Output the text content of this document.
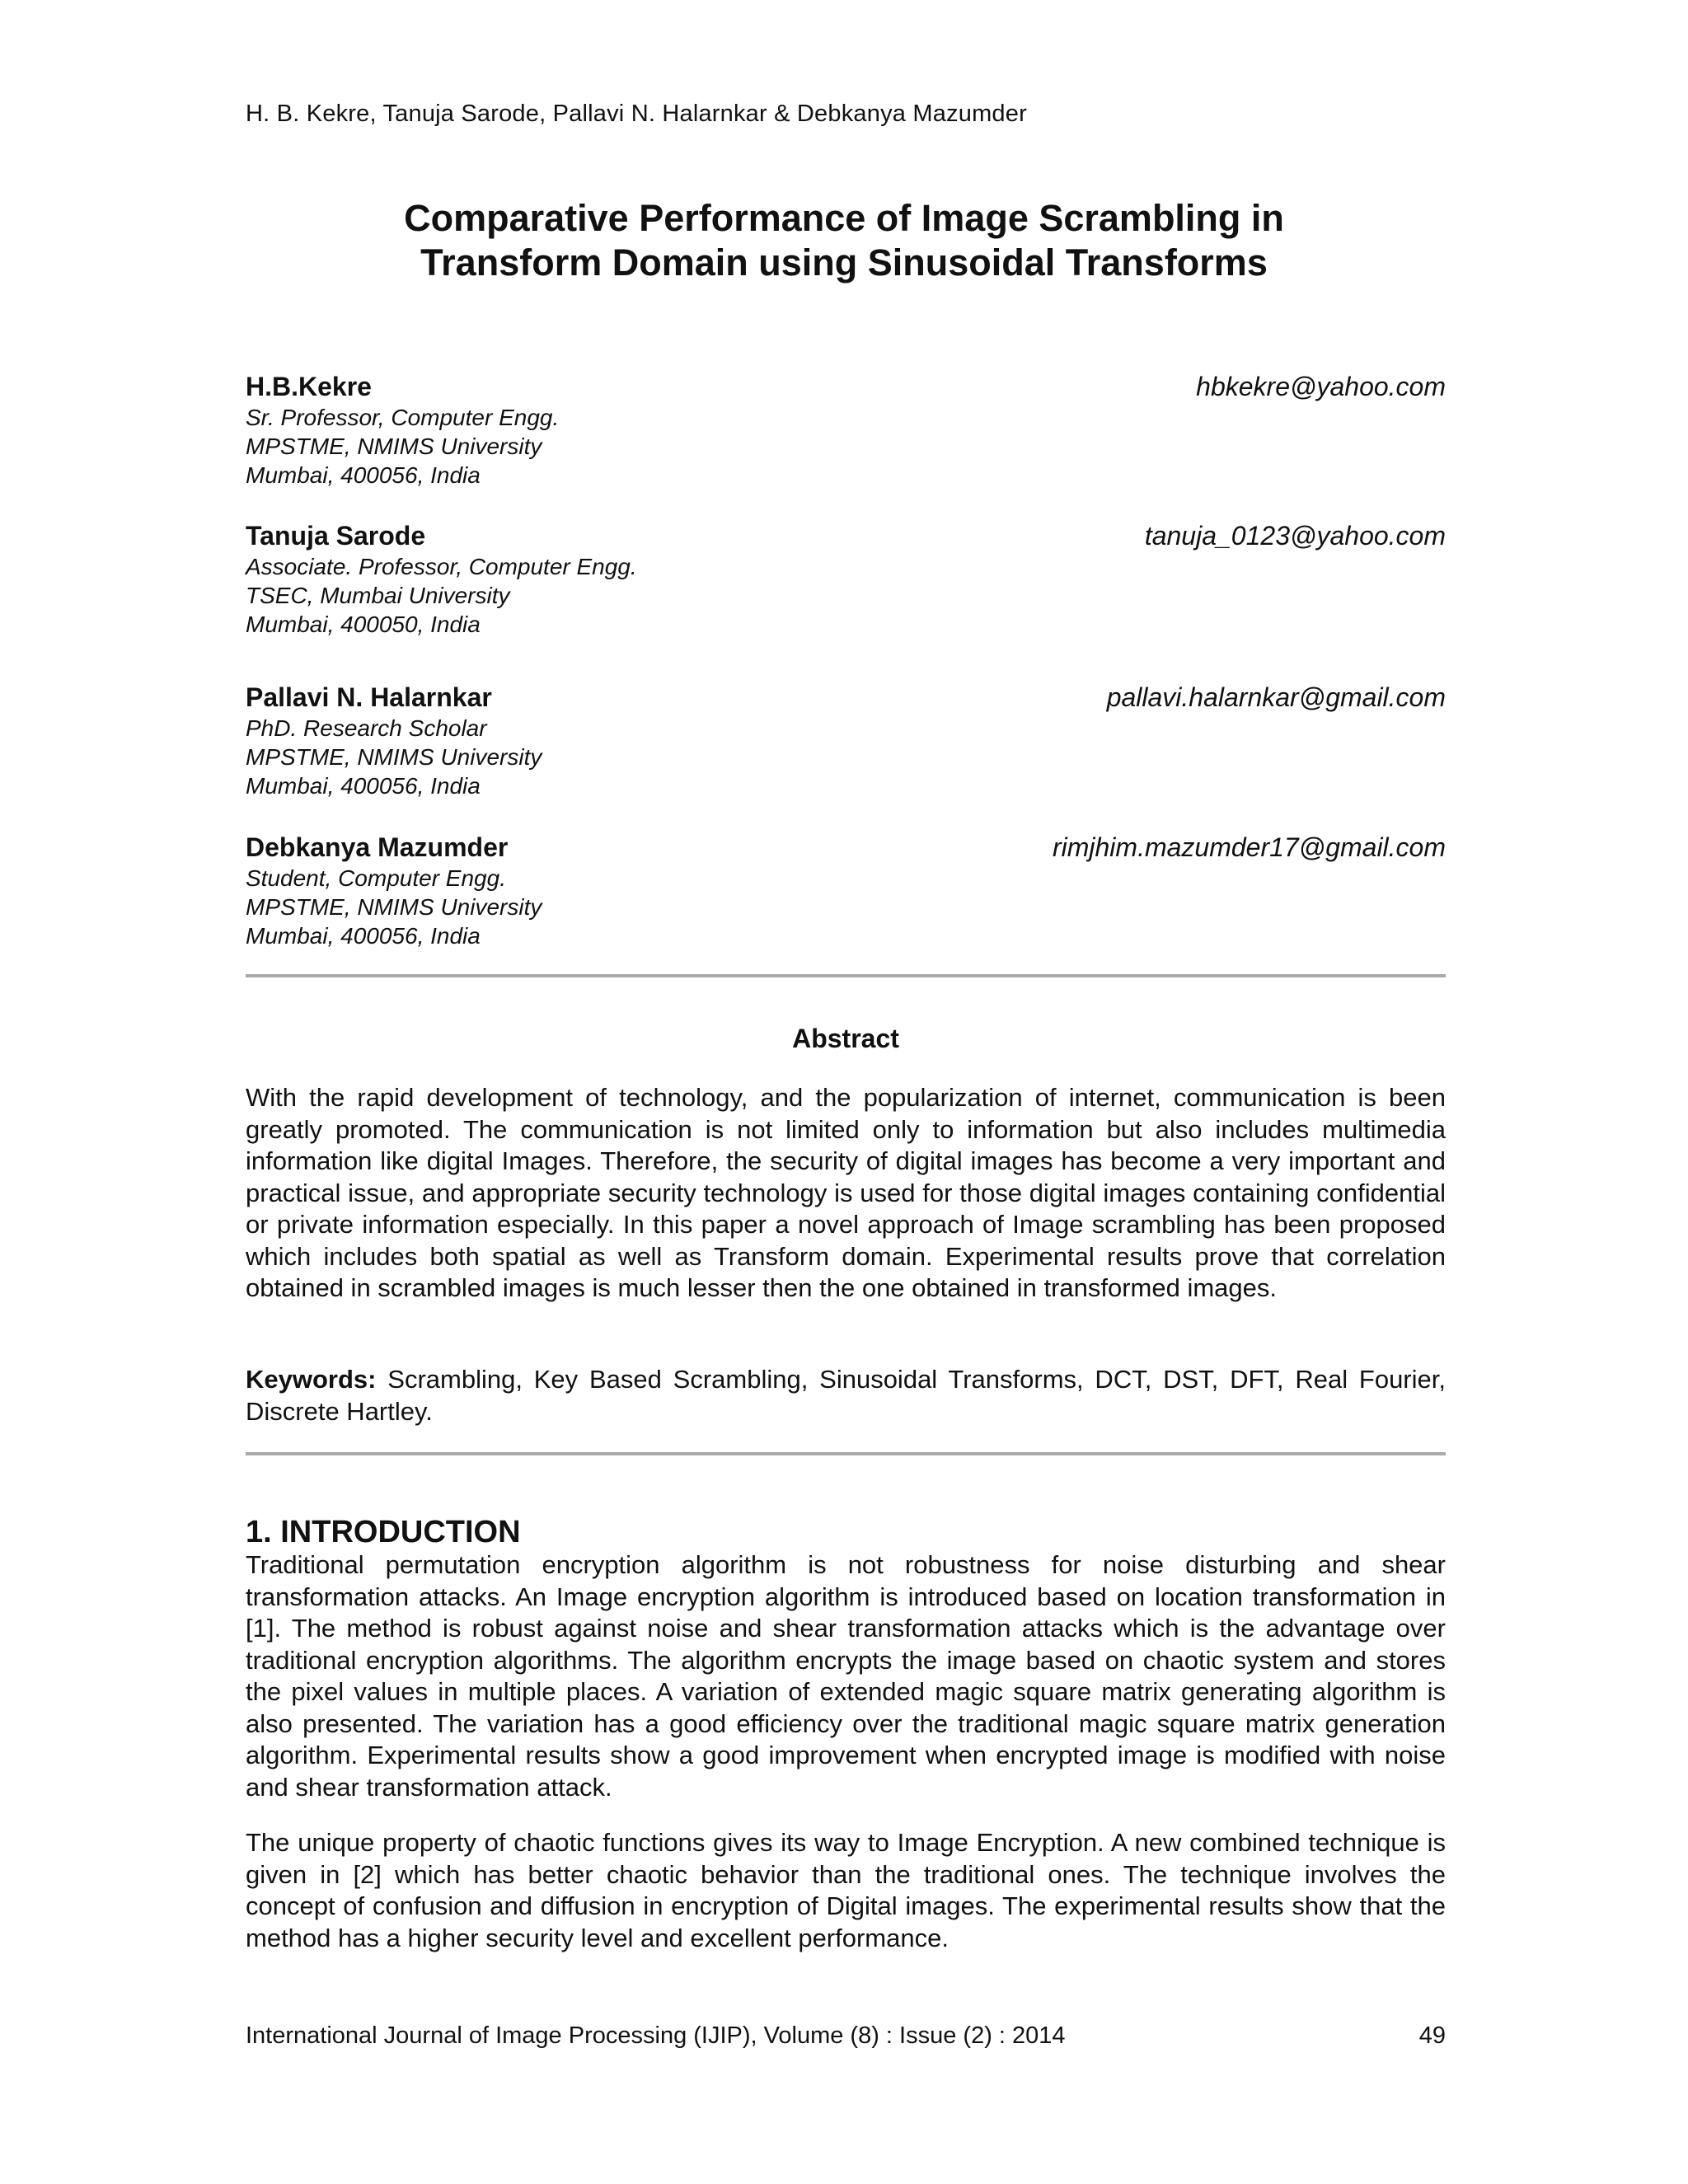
H. B. Kekre, Tanuja Sarode, Pallavi N. Halarnkar & Debkanya Mazumder
Comparative Performance of Image Scrambling in
Transform Domain using Sinusoidal Transforms
H.B.Kekre
Sr. Professor, Computer Engg.
MPSTME, NMIMS University
Mumbai, 400056, India
hbkekre@yahoo.com
Tanuja Sarode
Associate. Professor, Computer Engg.
TSEC, Mumbai University
Mumbai, 400050, India
tanuja_0123@yahoo.com
Pallavi N. Halarnkar
PhD. Research Scholar
MPSTME, NMIMS University
Mumbai, 400056, India
pallavi.halarnkar@gmail.com
Debkanya Mazumder
Student, Computer Engg.
MPSTME, NMIMS University
Mumbai, 400056, India
rimjhim.mazumder17@gmail.com
Abstract
With the rapid development of technology, and the popularization of internet, communication is been greatly promoted. The communication is not limited only to information but also includes multimedia information like digital Images. Therefore, the security of digital images has become a very important and practical issue, and appropriate security technology is used for those digital images containing confidential or private information especially. In this paper a novel approach of Image scrambling has been proposed which includes both spatial as well as Transform domain. Experimental results prove that correlation obtained in scrambled images is much lesser then the one obtained in transformed images.
Keywords: Scrambling, Key Based Scrambling, Sinusoidal Transforms, DCT, DST, DFT, Real Fourier, Discrete Hartley.
1. INTRODUCTION
Traditional permutation encryption algorithm is not robustness for noise disturbing and shear transformation attacks. An Image encryption algorithm is introduced based on location transformation in [1]. The method is robust against noise and shear transformation attacks which is the advantage over traditional encryption algorithms. The algorithm encrypts the image based on chaotic system and stores the pixel values in multiple places. A variation of extended magic square matrix generating algorithm is also presented. The variation has a good efficiency over the traditional magic square matrix generation algorithm. Experimental results show a good improvement when encrypted image is modified with noise and shear transformation attack.
The unique property of chaotic functions gives its way to Image Encryption. A new combined technique is given in [2] which has better chaotic behavior than the traditional ones. The technique involves the concept of confusion and diffusion in encryption of Digital images. The experimental results show that the method has a higher security level and excellent performance.
International Journal of Image Processing (IJIP), Volume (8) : Issue (2) : 2014	49
